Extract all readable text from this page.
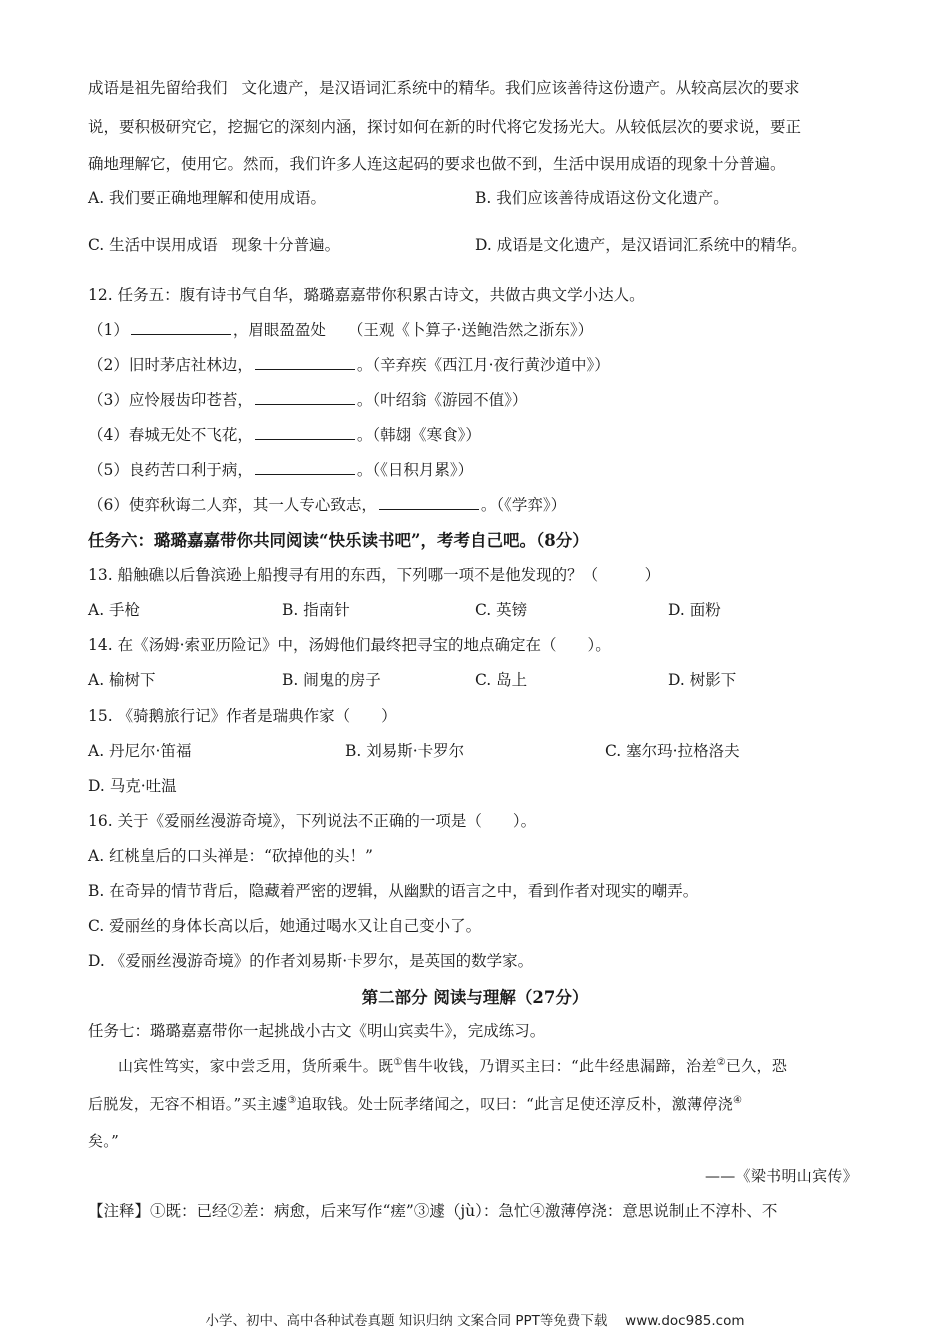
成语是祖先留给我们 文化遗产，是汉语词汇系统中的精华。我们应该善待这份遗产。从较高层次的要求
说，要积极研究它，挖掘它的深刻内涵，探讨如何在新的时代将它发扬光大。从较低层次的要求说，要正
确地理解它，使用它。然而，我们许多人连这起码的要求也做不到，生活中误用成语的现象十分普遍。
A. 我们要正确地理解和使用成语。	B. 我们应该善待成语这份文化遗产。
C. 生活中误用成语 现象十分普遍。	D. 成语是文化遗产，是汉语词汇系统中的精华。
12. 任务五：腹有诗书气自华，璐璐嘉嘉带你积累古诗文，共做古典文学小达人。
（1）	，眉眼盈盈处 （王观《卜算子·送鲍浩然之浙东》）
（2）旧时茅店社林边，	。（辛弃疾《西江月·夜行黄沙道中》）
（3）应怜屐齿印苍苔，	。（叶绍翁《游园不值》）
（4）春城无处不飞花，	。（韩翃《寒食》）
（5）良药苦口利于病，	。（《日积月累》）
（6）使弈秋诲二人弈，其一人专心致志，	。（《学弈》）
任务六：璐璐嘉嘉带你共同阅读“快乐读书吧”，考考自己吧。（8分）
13. 船触礁以后鲁滨逊上船搜寻有用的东西，下列哪一项不是他发现的？（　　　）
A. 手枪	B. 指南针	C. 英镑	D. 面粉
14. 在《汤姆·索亚历险记》中，汤姆他们最终把寻宝的地点确定在（　　）。
A. 榆树下	B. 闹鬼的房子	C. 岛上	D. 树影下
15. 《骑鹅旅行记》作者是瑞典作家（　　）
A. 丹尼尔·笛福	B. 刘易斯·卡罗尔	C. 塞尔玛·拉格洛夫
D. 马克·吐温
16. 关于《爱丽丝漫游奇境》，下列说法不正确的一项是（　　）。
A. 红桃皇后的口头禅是：“砍掉他的头！”
B. 在奇异的情节背后，隐藏着严密的逻辑，从幽默的语言之中，看到作者对现实的嘲弄。
C. 爱丽丝的身体长高以后，她通过喝水又让自己变小了。
D. 《爱丽丝漫游奇境》的作者刘易斯·卡罗尔，是英国的数学家。
第二部分 阅读与理解（27分）
任务七：璐璐嘉嘉带你一起挑战小古文《明山宾卖牛》，完成练习。
山宾性笃实，家中尝乏用，货所乘牛。既①售牛收钱，乃谓买主曰：“此牛经患漏蹄，治差②已久，恐
后脱发，无容不相语。”买主遽③追取钱。处士阮孝绪闻之，叹曰：“此言足使还淳反朴，激薄停浇④
矣。”
——《梁书明山宾传》
【注释】①既：已经②差：病愈，后来写作“瘥”③遽（jù）：急忙④激薄停浇：意思说制止不淳朴、不
小学、初中、高中各种试卷真题 知识归纳 文案合同 PPT等免费下载　 www.doc985.com
